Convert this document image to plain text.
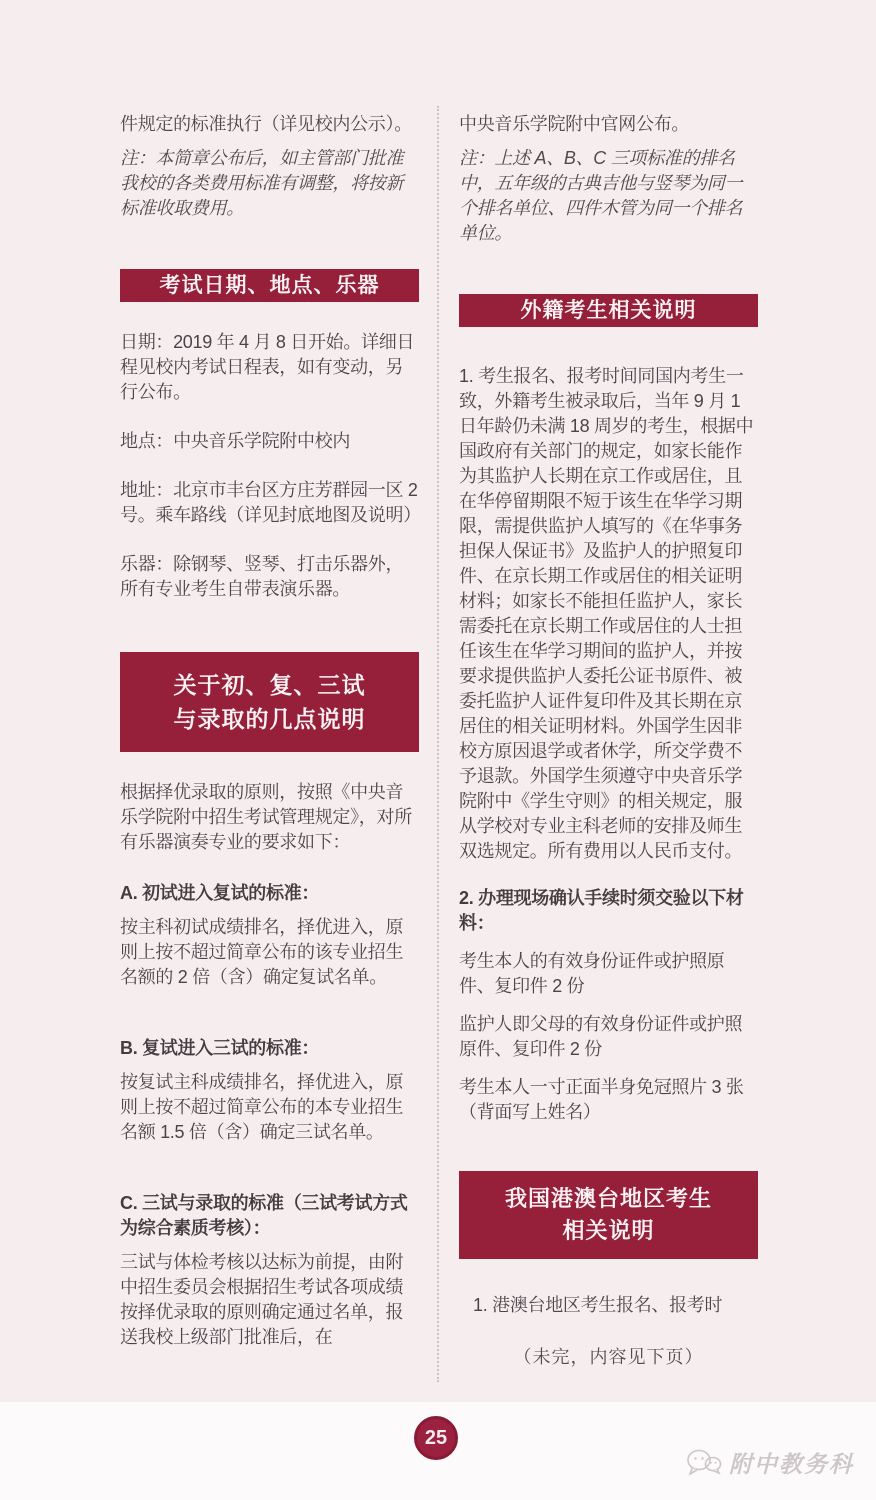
件规定的标准执行（详见校内公示）。

注：本简章公布后，如主管部门批准我校的各类费用标准有调整，将按新标准收取费用。

考试日期、地点、乐器

日期：2019 年 4 月 8 日开始。详细日程见校内考试日程表，如有变动，另行公布。

地点：中央音乐学院附中校内

地址：北京市丰台区方庄芳群园一区 2 号。乘车路线（详见封底地图及说明）

乐器：除钢琴、竖琴、打击乐器外，所有专业考生自带表演乐器。

关于初、复、三试
与录取的几点说明

根据择优录取的原则，按照《中央音乐学院附中招生考试管理规定》，对所有乐器演奏专业的要求如下：

A. 初试进入复试的标准：

按主科初试成绩排名，择优进入，原则上按不超过简章公布的该专业招生名额的 2 倍（含）确定复试名单。

B. 复试进入三试的标准：

按复试主科成绩排名，择优进入，原则上按不超过简章公布的本专业招生名额 1.5 倍（含）确定三试名单。

C. 三试与录取的标准（三试考试方式为综合素质考核）：

三试与体检考核以达标为前提，由附中招生委员会根据招生考试各项成绩按择优录取的原则确定通过名单，报送我校上级部门批准后，在

中央音乐学院附中官网公布。

注：上述 A、B、C 三项标准的排名中，五年级的古典吉他与竖琴为同一个排名单位、四件木管为同一个排名单位。

外籍考生相关说明

1. 考生报名、报考时间同国内考生一致，外籍考生被录取后，当年 9 月 1 日年龄仍未满 18 周岁的考生，根据中国政府有关部门的规定，如家长能作为其监护人长期在京工作或居住，且在华停留期限不短于该生在华学习期限，需提供监护人填写的《在华事务担保人保证书》及监护人的护照复印件、在京长期工作或居住的相关证明材料；如家长不能担任监护人，家长需委托在京长期工作或居住的人士担任该生在华学习期间的监护人，并按要求提供监护人委托公证书原件、被委托监护人证件复印件及其长期在京居住的相关证明材料。外国学生因非校方原因退学或者休学，所交学费不予退款。外国学生须遵守中央音乐学院附中《学生守则》的相关规定，服从学校对专业主科老师的安排及师生双选规定。所有费用以人民币支付。

2. 办理现场确认手续时须交验以下材料：

考生本人的有效身份证件或护照原件、复印件 2 份

监护人即父母的有效身份证件或护照原件、复印件 2 份

考生本人一寸正面半身免冠照片 3 张（背面写上姓名）

我国港澳台地区考生
相关说明

1. 港澳台地区考生报名、报考时

（未完，内容见下页）

25
附中教务科
